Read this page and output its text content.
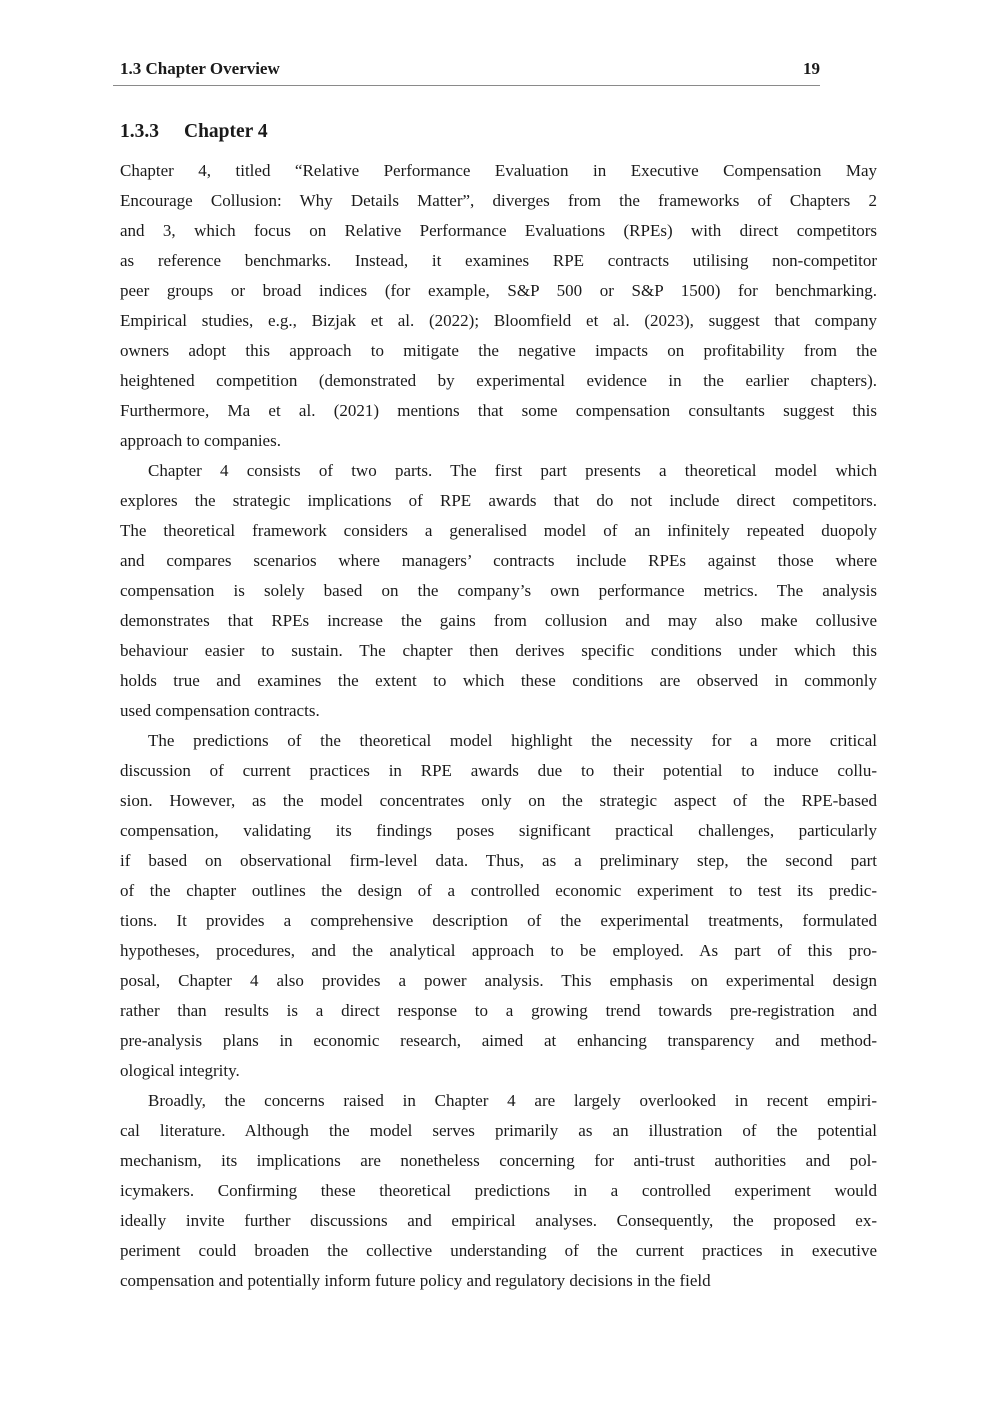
1.3 Chapter Overview	19
1.3.3 Chapter 4
Chapter 4, titled “Relative Performance Evaluation in Executive Compensation May
Encourage Collusion: Why Details Matter”, diverges from the frameworks of Chapters 2
and 3, which focus on Relative Performance Evaluations (RPEs) with direct competitors
as reference benchmarks. Instead, it examines RPE contracts utilising non-competitor
peer groups or broad indices (for example, S&P 500 or S&P 1500) for benchmarking.
Empirical studies, e.g., Bizjak et al. (2022); Bloomfield et al. (2023), suggest that company
owners adopt this approach to mitigate the negative impacts on profitability from the
heightened competition (demonstrated by experimental evidence in the earlier chapters).
Furthermore, Ma et al. (2021) mentions that some compensation consultants suggest this
approach to companies.
Chapter 4 consists of two parts. The first part presents a theoretical model which
explores the strategic implications of RPE awards that do not include direct competitors.
The theoretical framework considers a generalised model of an infinitely repeated duopoly
and compares scenarios where managers’ contracts include RPEs against those where
compensation is solely based on the company’s own performance metrics. The analysis
demonstrates that RPEs increase the gains from collusion and may also make collusive
behaviour easier to sustain. The chapter then derives specific conditions under which this
holds true and examines the extent to which these conditions are observed in commonly
used compensation contracts.
The predictions of the theoretical model highlight the necessity for a more critical
discussion of current practices in RPE awards due to their potential to induce collu-
sion. However, as the model concentrates only on the strategic aspect of the RPE-based
compensation, validating its findings poses significant practical challenges, particularly
if based on observational firm-level data. Thus, as a preliminary step, the second part
of the chapter outlines the design of a controlled economic experiment to test its predic-
tions. It provides a comprehensive description of the experimental treatments, formulated
hypotheses, procedures, and the analytical approach to be employed. As part of this pro-
posal, Chapter 4 also provides a power analysis. This emphasis on experimental design
rather than results is a direct response to a growing trend towards pre-registration and
pre-analysis plans in economic research, aimed at enhancing transparency and method-
ological integrity.
Broadly, the concerns raised in Chapter 4 are largely overlooked in recent empiri-
cal literature. Although the model serves primarily as an illustration of the potential
mechanism, its implications are nonetheless concerning for anti-trust authorities and pol-
icymakers. Confirming these theoretical predictions in a controlled experiment would
ideally invite further discussions and empirical analyses. Consequently, the proposed ex-
periment could broaden the collective understanding of the current practices in executive
compensation and potentially inform future policy and regulatory decisions in the field
